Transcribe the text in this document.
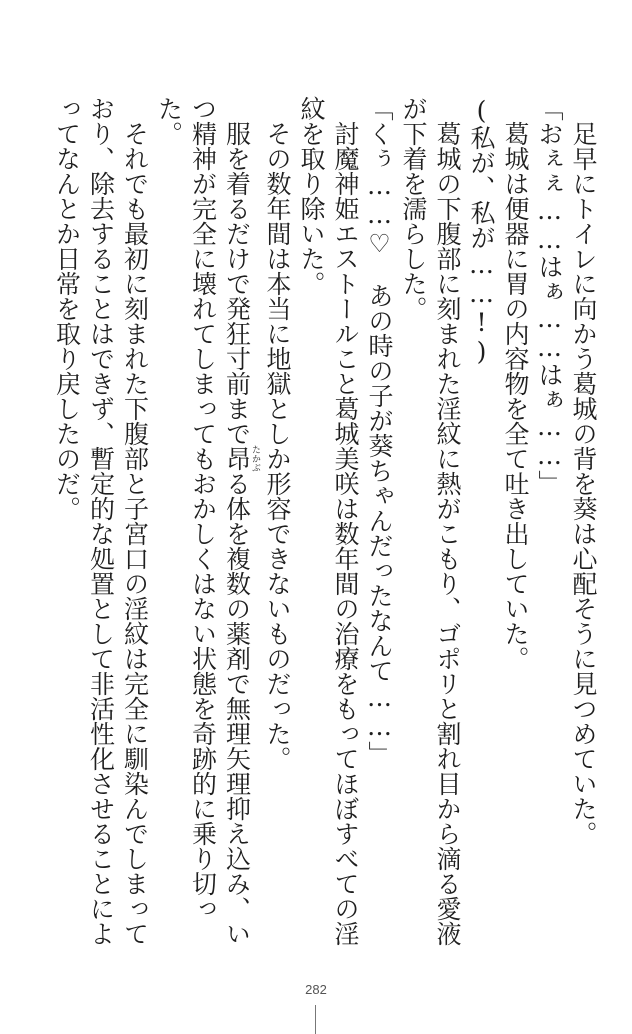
足早にトイレに向かう葛城の背を葵は心配そうに見つめていた。

「おぇぇ……はぁ……はぁ……」

葛城は便器に胃の内容物を全て吐き出していた。

(私が、私が……!)

葛城の下腹部に刻まれた淫紋に熱がこもり、ゴポリと割れ目から滴る愛液が下着を濡らした。

「くぅ……♡　あの時の子が葵ちゃんだったなんて……」

討魔神姫エストールこと葛城美咲は数年間の治療をもってほぼすべての淫紋を取り除いた。

その数年間は本当に地獄としか形容できないものだった。

服を着るだけで発狂寸前まで昂たかぶる体を複数の薬剤で無理矢理抑え込み、いつ精神が完全に壊れてしまってもおかしくはない状態を奇跡的に乗り切った。

それでも最初に刻まれた下腹部と子宮口の淫紋は完全に馴染んでしまっており、除去することはできず、暫定的な処置として非活性化させることによってなんとか日常を取り戻したのだ。

282
